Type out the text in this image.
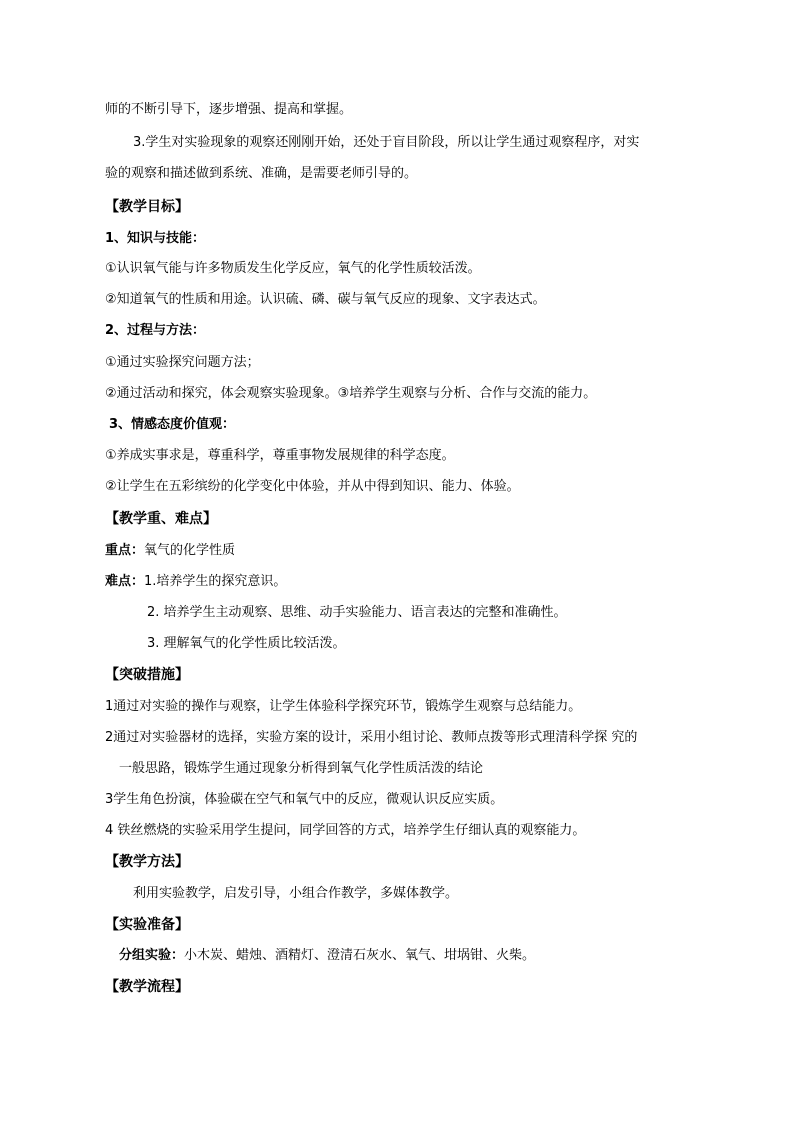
师的不断引导下，逐步增强、提高和掌握。
3.学生对实验现象的观察还刚刚开始，还处于盲目阶段，所以让学生通过观察程序，对实
验的观察和描述做到系统、准确，是需要老师引导的。
【教学目标】
1、知识与技能：
①认识氧气能与许多物质发生化学反应，氧气的化学性质较活泼。
②知道氧气的性质和用途。认识硫、磷、碳与氧气反应的现象、文字表达式。
2、过程与方法：
①通过实验探究问题方法；
②通过活动和探究，体会观察实验现象。③培养学生观察与分析、合作与交流的能力。
3、情感态度价值观：
①养成实事求是，尊重科学，尊重事物发展规律的科学态度。
②让学生在五彩缤纷的化学变化中体验，并从中得到知识、能力、体验。
【教学重、难点】
重点：氧气的化学性质
难点：1.培养学生的探究意识。
2. 培养学生主动观察、思维、动手实验能力、语言表达的完整和准确性。
3. 理解氧气的化学性质比较活泼。
【突破措施】
1通过对实验的操作与观察，让学生体验科学探究环节，锻炼学生观察与总结能力。
2通过对实验器材的选择，实验方案的设计，采用小组讨论、教师点拨等形式理清科学探 究的
一般思路，锻炼学生通过现象分析得到氧气化学性质活泼的结论
3学生角色扮演，体验碳在空气和氧气中的反应，微观认识反应实质。
4 铁丝燃烧的实验采用学生提问，同学回答的方式，培养学生仔细认真的观察能力。
【教学方法】
利用实验教学，启发引导，小组合作教学，多媒体教学。
【实验准备】
分组实验：小木炭、蜡烛、酒精灯、澄清石灰水、氧气、坩埚钳、火柴。
【教学流程】
